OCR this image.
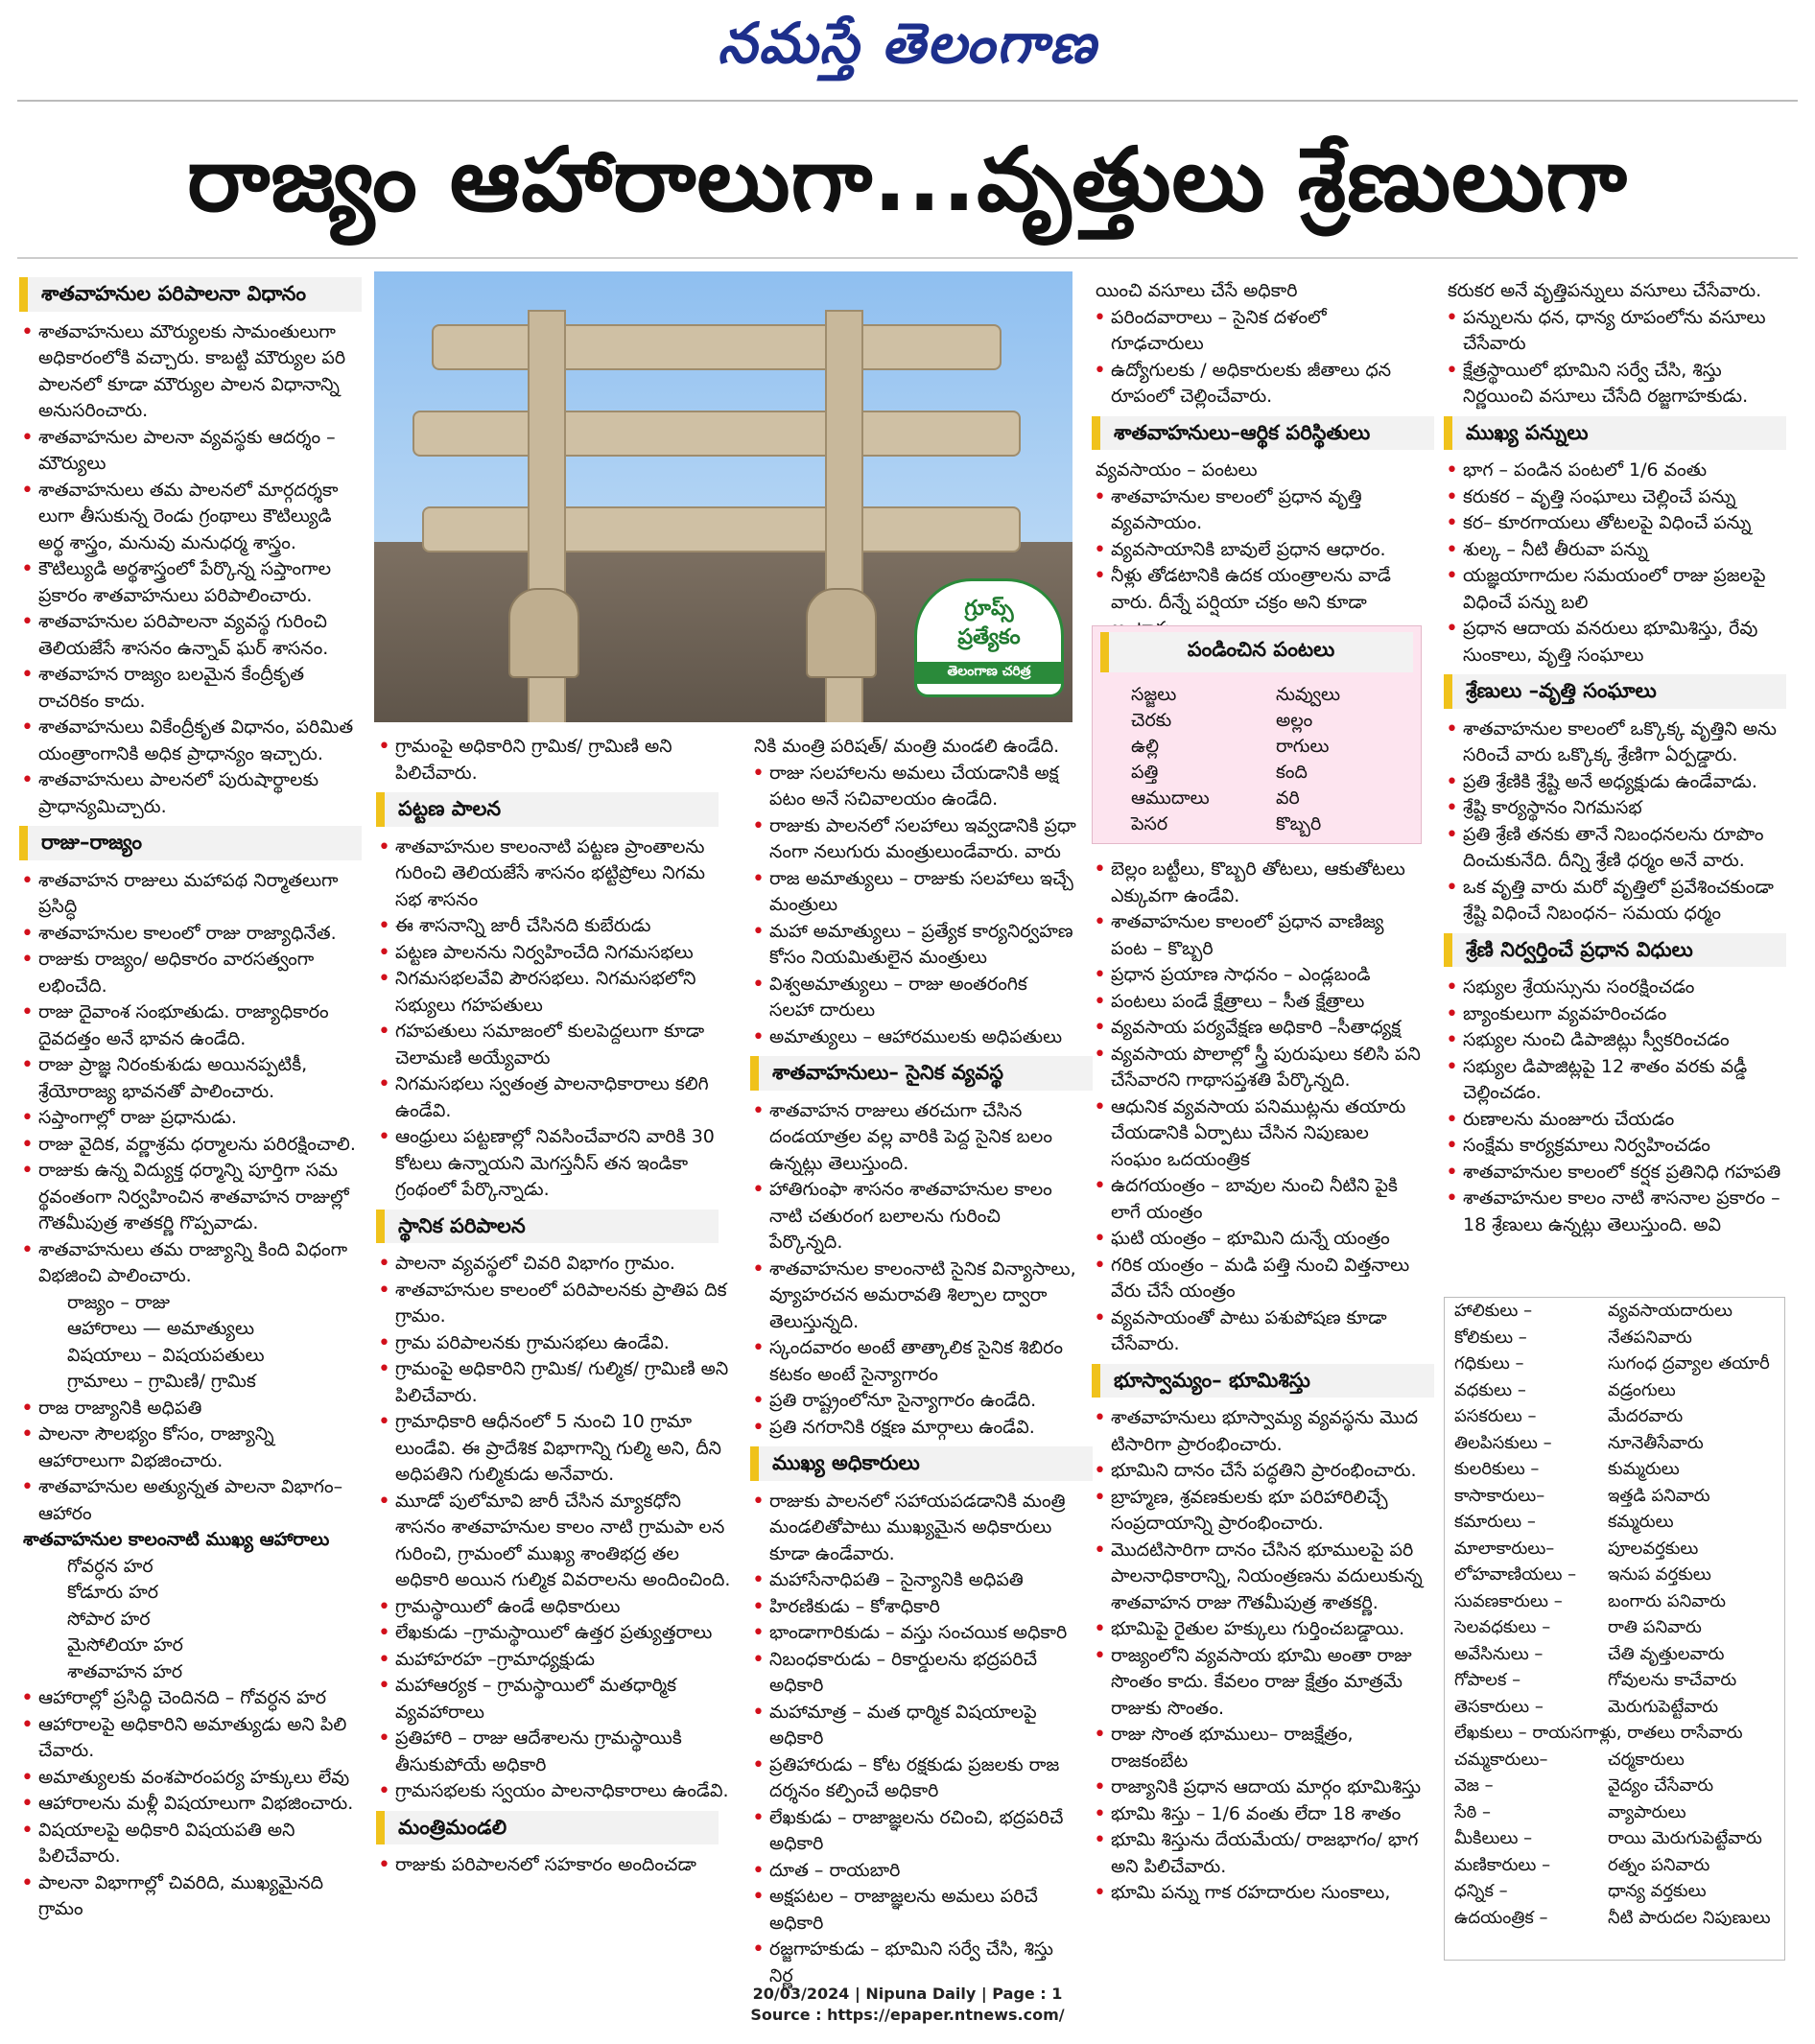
నమస్తే తెలంగాణ
రాజ్యం ఆహారాలుగా...వృత్తులు శ్రేణులుగా
శాతవాహనుల పరిపాలనా విధానం
• శాతవాహనులు మౌర్యులకు సామంతులుగా అధికారంలోకి వచ్చారు. కాబట్టి మౌర్యుల పరి పాలనలో కూడా మౌర్యుల పాలన విధానాన్ని అనుసరించారు.
• శాతవాహనుల పాలనా వ్యవస్థకు ఆదర్శం – మౌర్యులు
• శాతవాహనులు తమ పాలనలో మార్గదర్శకా లుగా తీసుకున్న రెండు గ్రంథాలు కౌటిల్యుడి అర్థ శాస్త్రం, మనువు మనుధర్మ శాస్త్రం.
• కౌటిల్యుడి అర్థశాస్త్రంలో పేర్కొన్న సప్తాంగాల ప్రకారం శాతవాహనులు పరిపాలించారు.
• శాతవాహనుల పరిపాలనా వ్యవస్థ గురించి తెలియజేసే శాసనం ఉన్నావ్ ఘర్ శాసనం.
• శాతవాహన రాజ్యం బలమైన కేంద్రీకృత రాచరికం కాదు.
• శాతవాహనులు వికేంద్రీకృత విధానం, పరిమిత యంత్రాంగానికి అధిక ప్రాధాన్యం ఇచ్చారు.
• శాతవాహనులు పాలనలో పురుషార్థాలకు ప్రాధాన్యమిచ్చారు.
రాజు–రాజ్యం
• శాతవాహన రాజులు మహాపథ నిర్మాతలుగా ప్రసిద్ధి
• శాతవాహనుల కాలంలో రాజు రాజ్యాధినేత.
• రాజుకు రాజ్యం/ అధికారం వారసత్వంగా లభించేది.
• రాజు దైవాంశ సంభూతుడు. రాజ్యాధికారం దైవదత్తం అనే భావన ఉండేది.
• రాజు ప్రాజ్ఞ నిరంకుశుడు అయినప్పటికీ, శ్రేయోరాజ్య భావనతో పాలించారు.
• సప్తాంగాల్లో రాజు ప్రధానుడు.
• రాజు వైదిక, వర్ణాశ్రమ ధర్మాలను పరిరక్షించాలి.
• రాజుకు ఉన్న విద్యుక్త ధర్మాన్ని పూర్తిగా సమ ర్థవంతంగా నిర్వహించిన శాతవాహన రాజుల్లో గౌతమీపుత్ర శాతకర్ణి గొప్పవాడు.
• శాతవాహనులు తమ రాజ్యాన్ని కింది విధంగా విభజించి పాలించారు.
రాజ్యం – రాజు
ఆహారాలు — అమాత్యులు
విషయాలు – విషయపతులు
గ్రామాలు – గ్రామిణి/ గ్రామిక
• రాజ రాజ్యానికి అధిపతి
• పాలనా సౌలభ్యం కోసం, రాజ్యాన్ని ఆహారాలుగా విభజించారు.
• శాతవాహనుల అత్యున్నత పాలనా విభాగం– ఆహారం
శాతవాహనుల కాలంనాటి ముఖ్య ఆహారాలు
గోవర్ధన హర
కోడూరు హర
సోపార హర
మైసోలియా హర
శాతవాహన హర
• ఆహారాల్లో ప్రసిద్ధి చెందినది – గోవర్ధన హర
• ఆహారాలపై అధికారిని అమాత్యుడు అని పిలి చేవారు.
• అమాత్యులకు వంశపారంపర్య హక్కులు లేవు
• ఆహారాలను మళ్లీ విషయాలుగా విభజించారు.
• విషయాలపై అధికారి విషయపతి అని పిలిచేవారు.
• పాలనా విభాగాల్లో చివరిది, ముఖ్యమైనది గ్రామం
గ్రూప్స్
ప్రత్యేకం
తెలంగాణ చరిత్ర
• గ్రామంపై అధికారిని గ్రామిక/ గ్రామిణి అని పిలిచేవారు.
పట్టణ పాలన
• శాతవాహనుల కాలంనాటి పట్టణ ప్రాంతాలను గురించి తెలియజేసే శాసనం భట్టిప్రోలు నిగమ సభ శాసనం
• ఈ శాసనాన్ని జారీ చేసినది కుబేరుడు
• పట్టణ పాలనను నిర్వహించేది నిగమసభలు
• నిగమసభలవేవి పౌరసభలు. నిగమసభలోని సభ్యులు గహపతులు
• గహపతులు సమాజంలో కులపెద్దలుగా కూడా చెలామణి అయ్యేవారు
• నిగమసభలు స్వతంత్ర పాలనాధికారాలు కలిగి ఉండేవి.
• ఆంధ్రులు పట్టణాల్లో నివసించేవారని వారికి 30 కోటలు ఉన్నాయని మెగస్తనీస్ తన ఇండికా గ్రంథంలో పేర్కొన్నాడు.
స్థానిక పరిపాలన
• పాలనా వ్యవస్థలో చివరి విభాగం గ్రామం.
• శాతవాహనుల కాలంలో పరిపాలనకు ప్రాతిప దిక గ్రామం.
• గ్రామ పరిపాలనకు గ్రామసభలు ఉండేవి.
• గ్రామంపై అధికారిని గ్రామిక/ గుల్మిక/ గ్రామిణి అని పిలిచేవారు.
• గ్రామాధికారి ఆధీనంలో 5 నుంచి 10 గ్రామా లుండేవి. ఈ ప్రాదేశిక విభాగాన్ని గుల్మి అని, దీని అధిపతిని గుల్మికుడు అనేవారు.
• మూడో పులోమావి జారీ చేసిన మ్యాకధోని శాసనం శాతవాహనుల కాలం నాటి గ్రామపా లన గురించి, గ్రామంలో ముఖ్య శాంతిభద్ర తల అధికారి అయిన గుల్మిక వివరాలను అందించింది.
• గ్రామస్థాయిలో ఉండే అధికారులు
• లేఖకుడు –గ్రామస్థాయిలో ఉత్తర ప్రత్యుత్తరాలు
• మహాహరహ –గ్రామాధ్యక్షుడు
• మహాఆర్యక – గ్రామస్థాయిలో మతధార్మిక వ్యవహారాలు
• ప్రతిహారి – రాజు ఆదేశాలను గ్రామస్థాయికి తీసుకుపోయే అధికారి
• గ్రామసభలకు స్వయం పాలనాధికారాలు ఉండేవి.
మంత్రిమండలి
• రాజుకు పరిపాలనలో సహకారం అందించడా
నికి మంత్రి పరిషత్/ మంత్రి మండలి ఉండేది.
• రాజు సలహాలను అమలు చేయడానికి అక్ష పటం అనే సచివాలయం ఉండేది.
• రాజుకు పాలనలో సలహాలు ఇవ్వడానికి ప్రధా నంగా నలుగురు మంత్రులుండేవారు. వారు
• రాజ అమాత్యులు – రాజుకు సలహాలు ఇచ్చే మంత్రులు
• మహా అమాత్యులు – ప్రత్యేక కార్యనిర్వహణ కోసం నియమితులైన మంత్రులు
• విశ్వఅమాత్యులు – రాజు అంతరంగిక సలహా దారులు
• అమాత్యులు – ఆహారములకు అధిపతులు
శాతవాహనులు– సైనిక వ్యవస్థ
• శాతవాహన రాజులు తరచుగా చేసిన దండయాత్రల వల్ల వారికి పెద్ద సైనిక బలం ఉన్నట్లు తెలుస్తుంది.
• హాతిగుంఫా శాసనం శాతవాహనుల కాలం నాటి చతురంగ బలాలను గురించి పేర్కొన్నది.
• శాతవాహనుల కాలంనాటి సైనిక విన్యాసాలు, వ్యూహరచన అమరావతి శిల్పాల ద్వారా తెలుస్తున్నది.
• స్కందవారం అంటే తాత్కాలిక సైనిక శిబిరం కటకం అంటే సైన్యాగారం
• ప్రతి రాష్ట్రంలోనూ సైన్యాగారం ఉండేది.
• ప్రతి నగరానికి రక్షణ మార్గాలు ఉండేవి.
ముఖ్య అధికారులు
• రాజుకు పాలనలో సహాయపడడానికి మంత్రి మండలితోపాటు ముఖ్యమైన అధికారులు కూడా ఉండేవారు.
• మహాసేనాధిపతి – సైన్యానికి అధిపతి
• హిరణికుడు – కోశాధికారి
• భాండాగారికుడు – వస్తు సంచయిక అధికారి
• నిబంధకారుడు – రికార్డులను భద్రపరిచే అధికారి
• మహామాత్ర – మత ధార్మిక విషయాలపై అధికారి
• ప్రతిహారుడు – కోట రక్షకుడు ప్రజలకు రాజ దర్శనం కల్పించే అధికారి
• లేఖకుడు – రాజాజ్ఞలను రచించి, భద్రపరిచే అధికారి
• దూత – రాయబారి
• అక్షపటల – రాజాజ్ఞలను అమలు పరిచే అధికారి
• రజ్జగాహకుడు – భూమిని సర్వే చేసి, శిస్తు నిర్ణ
యించి వసూలు చేసే అధికారి
• పరిందవారాలు – సైనిక దళంలో గూఢచారులు
• ఉద్యోగులకు / అధికారులకు జీతాలు ధన రూపంలో చెల్లించేవారు.
శాతవాహనులు–ఆర్థిక పరిస్థితులు
వ్యవసాయం – పంటలు
• శాతవాహనుల కాలంలో ప్రధాన వృత్తి వ్యవసాయం.
• వ్యవసాయానికి బావులే ప్రధాన ఆధారం.
• నీళ్లు తోడటానికి ఉదక యంత్రాలను వాడే వారు. దీన్నే పర్షియా చక్రం అని కూడా
పండించిన పంటలు
సజ్జలు	నువ్వులు
చెరకు	అల్లం
ఉల్లి	రాగులు
పత్తి	కంది
ఆముదాలు	వరి
పెసర	కొబ్బరి
• బెల్లం బట్టీలు, కొబ్బరి తోటలు, ఆకుతోటలు ఎక్కువగా ఉండేవి.
• శాతవాహనుల కాలంలో ప్రధాన వాణిజ్య పంట – కొబ్బరి
• ప్రధాన ప్రయాణ సాధనం – ఎండ్లబండి
• పంటలు పండే క్షేత్రాలు – సీత క్షేత్రాలు
• వ్యవసాయ పర్యవేక్షణ అధికారి –సీతాధ్యక్ష
• వ్యవసాయ పొలాల్లో స్త్రీ పురుషులు కలిసి పని చేసేవారని గాథాసప్తశతి పేర్కొన్నది.
• ఆధునిక వ్యవసాయ పనిముట్లను తయారు చేయడానికి ఏర్పాటు చేసిన నిపుణుల సంఘం ఒదయంత్రిక
• ఉదగయంత్రం – బావుల నుంచి నీటిని పైకి లాగే యంత్రం
• ఘటి యంత్రం – భూమిని దున్నే యంత్రం
• గరిక యంత్రం – మడి పత్తి నుంచి విత్తనాలు వేరు చేసే యంత్రం
• వ్యవసాయంతో పాటు పశుపోషణ కూడా చేసేవారు.
భూస్వామ్యం– భూమిశిస్తు
• శాతవాహనులు భూస్వామ్య వ్యవస్థను మొద టిసారిగా ప్రారంభించారు.
• భూమిని దానం చేసే పద్ధతిని ప్రారంభించారు.
• బ్రాహ్మణ, శ్రవణకులకు భూ పరిహారిలిచ్చే సంప్రదాయాన్ని ప్రారంభించారు.
• మొదటిసారిగా దానం చేసిన భూములపై పరి పాలనాధికారాన్ని, నియంత్రణను వదులుకున్న శాతవాహన రాజు గౌతమీపుత్ర శాతకర్ణి.
• భూమిపై రైతుల హక్కులు గుర్తించబడ్డాయి.
• రాజ్యంలోని వ్యవసాయ భూమి అంతా రాజు సొంతం కాదు. కేవలం రాజు క్షేత్రం మాత్రమే రాజుకు సొంతం.
• రాజు సొంత భూములు– రాజక్షేత్రం, రాజకంబేట
• రాజ్యానికి ప్రధాన ఆదాయ మార్గం భూమిశిస్తు
• భూమి శిస్తు – 1/6 వంతు లేదా 18 శాతం
• భూమి శిస్తును దేయమేయ/ రాజభాగం/ భాగ అని పిలిచేవారు.
• భూమి పన్ను గాక రహదారుల సుంకాలు,
కరుకర అనే వృత్తిపన్నులు వసూలు చేసేవారు.
• పన్నులను ధన, ధాన్య రూపంలోను వసూలు చేసేవారు
• క్షేత్రస్థాయిలో భూమిని సర్వే చేసి, శిస్తు నిర్ణయించి వసూలు చేసేది రజ్జగాహకుడు.
ముఖ్య పన్నులు
• భాగ – పండిన పంటలో 1/6 వంతు
• కరుకర – వృత్తి సంఘాలు చెల్లించే పన్ను
• కర– కూరగాయలు తోటలపై విధించే పన్ను
• శుల్క – నీటి తీరువా పన్ను
• యజ్ఞయాగాదుల సమయంలో రాజు ప్రజలపై విధించే పన్ను బలి
• ప్రధాన ఆదాయ వనరులు భూమిశిస్తు, రేవు సుంకాలు, వృత్తి సంఘాలు
శ్రేణులు –వృత్తి సంఘాలు
• శాతవాహనుల కాలంలో ఒక్కొక్క వృత్తిని అను సరించే వారు ఒక్కొక్క శ్రేణిగా ఏర్పడ్డారు.
• ప్రతి శ్రేణికి శ్రేష్టి అనే అధ్యక్షుడు ఉండేవాడు.
• శ్రేష్టి కార్యస్థానం నిగమసభ
• ప్రతి శ్రేణి తనకు తానే నిబంధనలను రూపొం దించుకునేది. దీన్ని శ్రేణి ధర్మం అనే వారు.
• ఒక వృత్తి వారు మరో వృత్తిలో ప్రవేశించకుండా శ్రేష్టి విధించే నిబంధన– సమయ ధర్మం
శ్రేణి నిర్వర్తించే ప్రధాన విధులు
• సభ్యుల శ్రేయస్సును సంరక్షించడం
• బ్యాంకులుగా వ్యవహరించడం
• సభ్యుల నుంచి డిపాజిట్లు స్వీకరించడం
• సభ్యుల డిపాజిట్లపై 12 శాతం వరకు వడ్డీ చెల్లించడం.
• రుణాలను మంజూరు చేయడం
• సంక్షేమ కార్యక్రమాలు నిర్వహించడం
• శాతవాహనుల కాలంలో కర్షక ప్రతినిధి గహపతి
• శాతవాహనుల కాలం నాటి శాసనాల ప్రకారం –18 శ్రేణులు ఉన్నట్లు తెలుస్తుంది. అవి
హాలికులు –	వ్యవసాయదారులు
కోలికులు –	నేతపనివారు
గధికులు –	సుగంధ ద్రవ్యాల తయారీ
వధకులు –	వడ్రంగులు
పసకరులు –	మేదరవారు
తిలపిసకులు –	నూనెతీసేవారు
కులరికులు –	కుమ్మరులు
కాసాకారులు–	ఇత్తడి పనివారు
కమారులు –	కమ్మరులు
మాలాకారులు–	పూలవర్తకులు
లోహవాణియలు –	ఇనుప వర్తకులు
సువణకారులు –	బంగారు పనివారు
సెలవధకులు –	రాతి పనివారు
అవేసినులు –	చేతి వృత్తులవారు
గోపాలక –	గోవులను కాచేవారు
తెసకారులు –	మెరుగుపెట్టేవారు
లేఖకులు – రాయసగాళ్లు, రాతలు రాసేవారు
చమ్మకారులు–	చర్మకారులు
వెజ –	వైద్యం చేసేవారు
సేఠి –	వ్యాపారులు
మీకిలులు –	రాయి మెరుగుపెట్టేవారు
మణికారులు –	రత్నం పనివారు
ధన్నిక –	ధాన్య వర్తకులు
ఉదయంత్రిక –	నీటి పారుదల నిపుణులు
20/03/2024 | Nipuna Daily | Page : 1
Source : https://epaper.ntnews.com/
